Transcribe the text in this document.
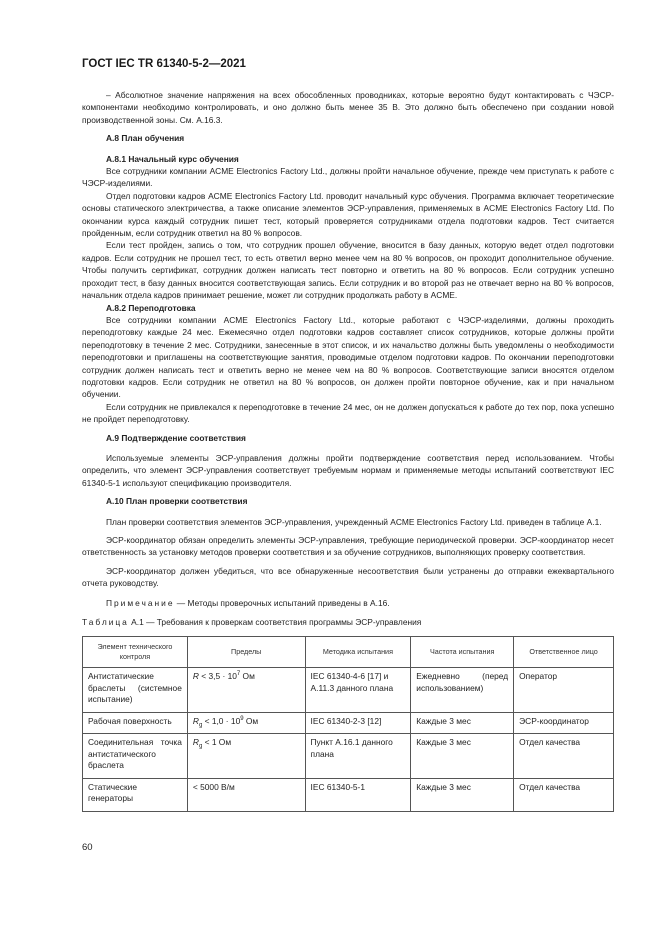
ГОСТ IEC TR 61340-5-2—2021

– Абсолютное значение напряжения на всех обособленных проводниках, которые вероятно будут контактировать с ЧЭСР-компонентами необходимо контролировать, и оно должно быть менее 35 В. Это должно быть обеспечено при создании новой производственной зоны. См. А.16.3.

А.8 План обучения

А.8.1 Начальный курс обучения

Все сотрудники компании ACME Electronics Factory Ltd., должны пройти начальное обучение, прежде чем приступать к работе с ЧЭСР-изделиями.

Отдел подготовки кадров ACME Electronics Factory Ltd. проводит начальный курс обучения. Программа включает теоретические основы статического электричества, а также описание элементов ЭСР-управления, применяемых в ACME Electronics Factory Ltd. По окончании курса каждый сотрудник пишет тест, который проверяется сотрудниками отдела подготовки кадров. Тест считается пройденным, если сотрудник ответил на 80 % вопросов.

Если тест пройден, запись о том, что сотрудник прошел обучение, вносится в базу данных, которую ведет отдел подготовки кадров. Если сотрудник не прошел тест, то есть ответил верно менее чем на 80 % вопросов, он проходит дополнительное обучение. Чтобы получить сертификат, сотрудник должен написать тест повторно и ответить на 80 % вопросов. Если сотрудник успешно проходит тест, в базу данных вносится соответствующая запись. Если сотрудник и во второй раз не отвечает верно на 80 % вопросов, начальник отдела кадров принимает решение, может ли сотрудник продолжать работу в ACME.

А.8.2 Переподготовка

Все сотрудники компании ACME Electronics Factory Ltd., которые работают с ЧЭСР-изделиями, должны проходить переподготовку каждые 24 мес. Ежемесячно отдел подготовки кадров составляет список сотрудников, которые должны пройти переподготовку в течение 2 мес. Сотрудники, занесенные в этот список, и их начальство должны быть уведомлены о необходимости переподготовки и приглашены на соответствующие занятия, проводимые отделом подготовки кадров. По окончании переподготовки сотрудник должен написать тест и ответить верно не менее чем на 80 % вопросов. Соответствующие записи вносятся отделом подготовки кадров. Если сотрудник не ответил на 80 % вопросов, он должен пройти повторное обучение, как и при начальном обучении.

Если сотрудник не привлекался к переподготовке в течение 24 мес, он не должен допускаться к работе до тех пор, пока успешно не пройдет переподготовку.

А.9 Подтверждение соответствия

Используемые элементы ЭСР-управления должны пройти подтверждение соответствия перед использованием. Чтобы определить, что элемент ЭСР-управления соответствует требуемым нормам и применяемые методы испытаний соответствуют IEC 61340-5-1 используют спецификацию производителя.

А.10 План проверки соответствия

План проверки соответствия элементов ЭСР-управления, учрежденный ACME Electronics Factory Ltd. приведен в таблице А.1.

ЭСР-координатор обязан определить элементы ЭСР-управления, требующие периодической проверки. ЭСР-координатор несет ответственность за установку методов проверки соответствия и за обучение сотрудников, выполняющих проверку соответствия.

ЭСР-координатор должен убедиться, что все обнаруженные несоответствия были устранены до отправки ежеквартального отчета руководству.

Примечание — Методы проверочных испытаний приведены в А.16.

Таблица А.1 — Требования к проверкам соответствия программы ЭСР-управления

Элемент технического контроля	Пределы	Методика испытания	Частота испытания	Ответственное лицо
Антистатические браслеты (системное испытание)	$R < 3,5 \cdot 10^7$ Ом	IEC 61340-4-6 [17] и А.11.3 данного плана	Ежедневно (перед использованием)	Оператор
Рабочая поверхность	$R_g < 1,0 \cdot 10^9$ Ом	IEC 61340-2-3 [12]	Каждые 3 мес	ЭСР-координатор
Соединительная точка антистатического браслета	$R_g < 1$ Ом	Пункт А.16.1 данного плана	Каждые 3 мес	Отдел качества
Статические генераторы	< 5000 В/м	IEC 61340-5-1	Каждые 3 мес	Отдел качества
60
